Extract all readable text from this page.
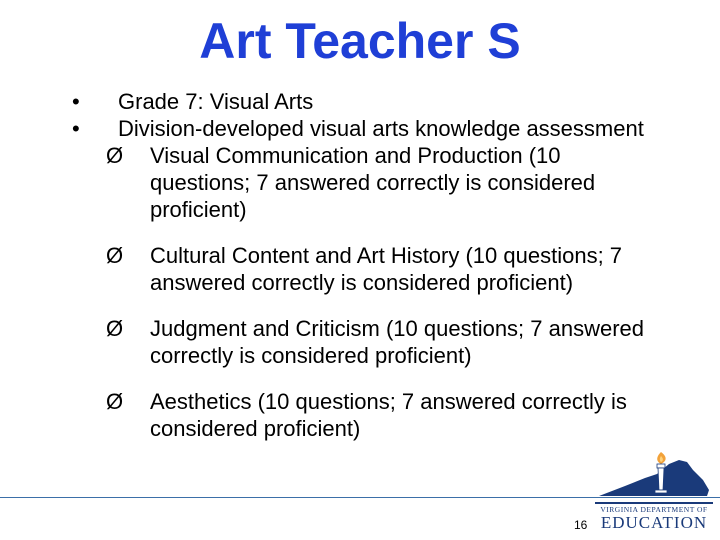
Art Teacher S
•	Grade 7: Visual Arts
•	Division-developed visual arts knowledge assessment
Ø	Visual Communication and Production (10 questions; 7 answered correctly is considered proficient)
Ø	Cultural Content and Art History (10 questions; 7 answered correctly is considered proficient)
Ø	Judgment and Criticism (10 questions; 7 answered correctly is considered proficient)
Ø	Aesthetics (10 questions; 7 answered correctly is considered proficient)
16
VIRGINIA DEPARTMENT OF
EDUCATION
